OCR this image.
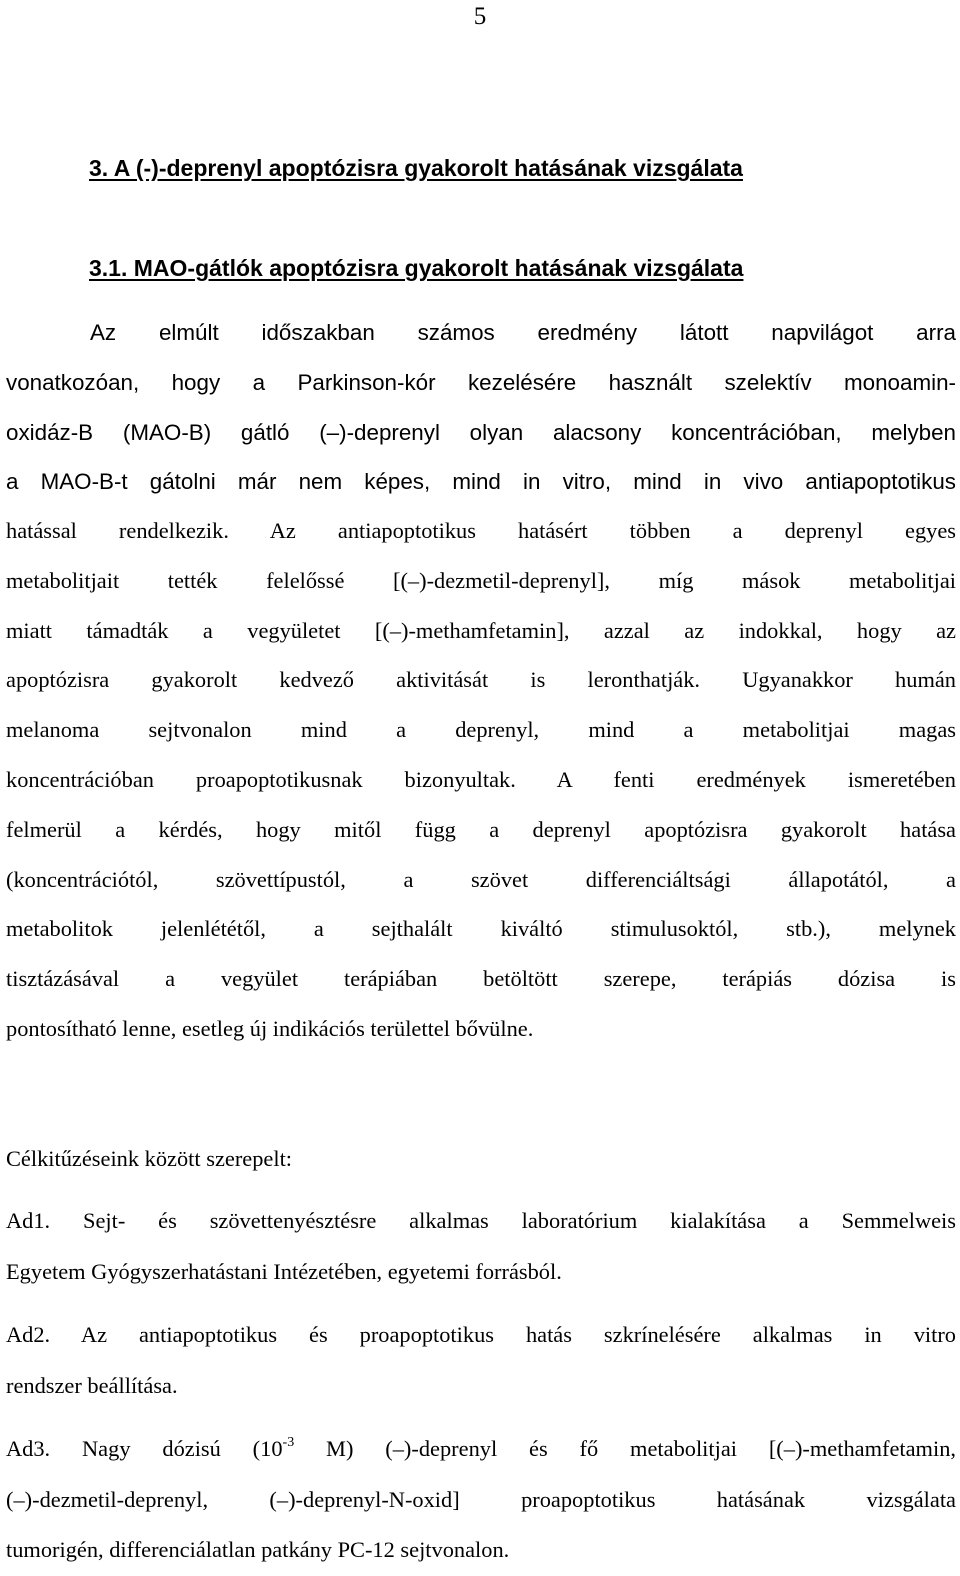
5
3. A (-)-deprenyl apoptózisra gyakorolt hatásának vizsgálata
3.1. MAO-gátlók apoptózisra gyakorolt hatásának vizsgálata
Az elmúlt időszakban számos eredmény látott napvilágot arra
vonatkozóan, hogy a Parkinson-kór kezelésére használt szelektív monoamin-
oxidáz-B (MAO-B) gátló (–)-deprenyl olyan alacsony koncentrációban, melyben
a MAO-B-t gátolni már nem képes, mind in vitro, mind in vivo antiapoptotikus
hatással rendelkezik. Az antiapoptotikus hatásért többen a deprenyl egyes
metabolitjait tették felelőssé [(–)-dezmetil-deprenyl], míg mások metabolitjai
miatt támadták a vegyületet [(–)-methamfetamin], azzal az indokkal, hogy az
apoptózisra gyakorolt kedvező aktivitását is leronthatják. Ugyanakkor humán
melanoma sejtvonalon mind a deprenyl, mind a metabolitjai magas
koncentrációban proapoptotikusnak bizonyultak. A fenti eredmények ismeretében
felmerül a kérdés, hogy mitől függ a deprenyl apoptózisra gyakorolt hatása
(koncentrációtól, szövettípustól, a szövet differenciáltsági állapotától, a
metabolitok jelenlététől, a sejthalált kiváltó stimulusoktól, stb.), melynek
tisztázásával a vegyület terápiában betöltött szerepe, terápiás dózisa is
pontosítható lenne, esetleg új indikációs területtel bővülne.
Célkitűzéseink között szerepelt:
Ad1. Sejt- és szövettenyésztésre alkalmas laboratórium kialakítása a Semmelweis
Egyetem Gyógyszerhatástani Intézetében, egyetemi forrásból.
Ad2. Az antiapoptotikus és proapoptotikus hatás szkrínelésére alkalmas in vitro
rendszer beállítása.
Ad3. Nagy dózisú ($10^{-3}$ M) (–)-deprenyl és fő metabolitjai [(–)-methamfetamin,
(–)-dezmetil-deprenyl, (–)-deprenyl-N-oxid] proapoptotikus hatásának vizsgálata
tumorigén, differenciálatlan patkány PC-12 sejtvonalon.
